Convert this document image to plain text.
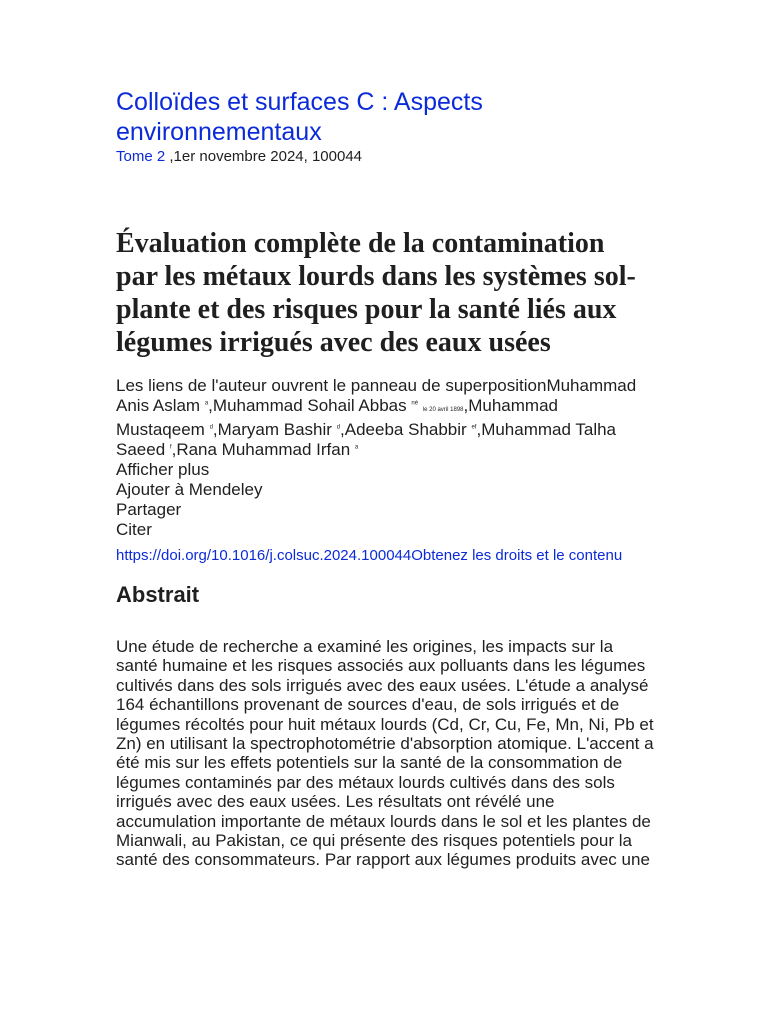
Colloïdes et surfaces C : Aspects environnementaux

Tome 2 ,1er novembre 2024, 100044

Évaluation complète de la contamination par les métaux lourds dans les systèmes sol-plante et des risques pour la santé liés aux légumes irrigués avec des eaux usées
Les liens de l'auteur ouvrent le panneau de superpositionMuhammad Anis Aslam $^a$,Muhammad Sohail Abbas $^{né}$ le 20 avril 1898,Muhammad Mustaqeem $^d$,Maryam Bashir $^d$,Adeeba Shabbir $^{ef}$,Muhammad Talha Saeed $^f$,Rana Muhammad Irfan $^a$

Afficher plus

Ajouter à Mendeley

Partager

Citer

https://doi.org/10.1016/j.colsuc.2024.100044Obtenez les droits et le contenu

Abstrait

Une étude de recherche a examiné les origines, les impacts sur la santé humaine et les risques associés aux polluants dans les légumes cultivés dans des sols irrigués avec des eaux usées. L'étude a analysé 164 échantillons provenant de sources d'eau, de sols irrigués et de légumes récoltés pour huit métaux lourds (Cd, Cr, Cu, Fe, Mn, Ni, Pb et Zn) en utilisant la spectrophotométrie d'absorption atomique. L'accent a été mis sur les effets potentiels sur la santé de la consommation de légumes contaminés par des métaux lourds cultivés dans des sols irrigués avec des eaux usées. Les résultats ont révélé une accumulation importante de métaux lourds dans le sol et les plantes de Mianwali, au Pakistan, ce qui présente des risques potentiels pour la santé des consommateurs. Par rapport aux légumes produits avec une
